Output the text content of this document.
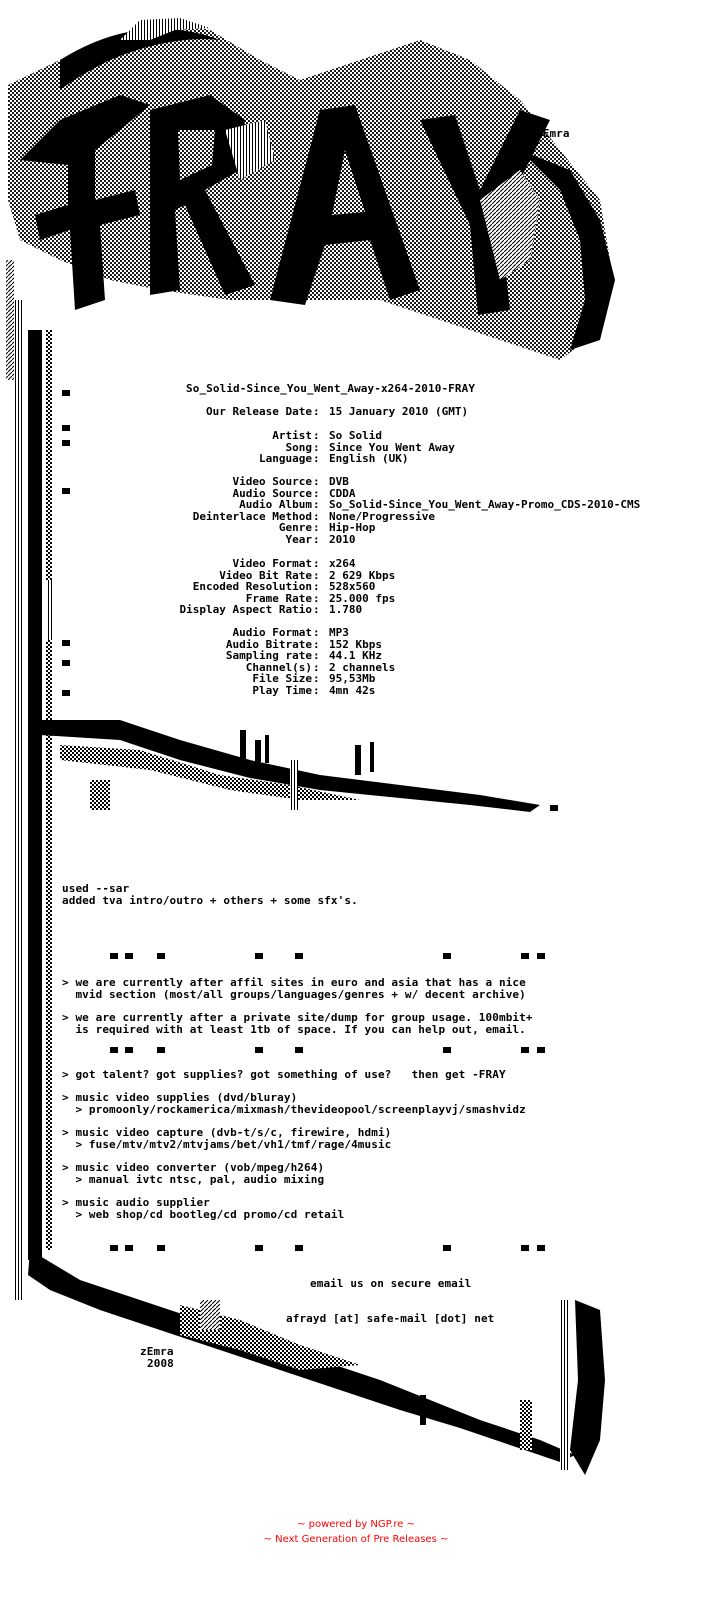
zEmra
zEmra
2008
So_Solid-Since_You_Went_Away-x264-2010-FRAY
Our Release Date : 15 January 2010 (GMT)
Artist : So Solid
Song : Since You Went Away
Language : English (UK)
Video Source : DVB
Audio Source : CDDA
Audio Album : So_Solid-Since_You_Went_Away-Promo_CDS-2010-CMS
Deinterlace Method : None/Progressive
Genre : Hip-Hop
Year : 2010
Video Format : x264
Video Bit Rate : 2 629 Kbps
Encoded Resolution : 528x560
Frame Rate : 25.000 fps
Display Aspect Ratio : 1.780
Audio Format : MP3
Audio Bitrate : 152 Kbps
Sampling rate : 44.1 KHz
Channel(s) : 2 channels
File Size : 95,53Mb
Play Time : 4mn 42s
used --sar
added tva intro/outro + others + some sfx's.
> we are currently after affil sites in euro and asia that has a nice
mvid section (most/all groups/languages/genres + w/ decent archive)
> we are currently after a private site/dump for group usage. 100mbit+
is required with at least 1tb of space. If you can help out, email.
> got talent? got supplies? got something of use?   then get -FRAY
> music video supplies (dvd/bluray)
> promoonly/rockamerica/mixmash/thevideopool/screenplayvj/smashvidz
> music video capture (dvb-t/s/c, firewire, hdmi)
> fuse/mtv/mtv2/mtvjams/bet/vh1/tmf/rage/4music
> music video converter (vob/mpeg/h264)
> manual ivtc ntsc, pal, audio mixing
> music audio supplier
> web shop/cd bootleg/cd promo/cd retail
email us on secure email
afrayd [at] safe-mail [dot] net
~ powered by NGP.re ~
~ Next Generation of Pre Releases ~
